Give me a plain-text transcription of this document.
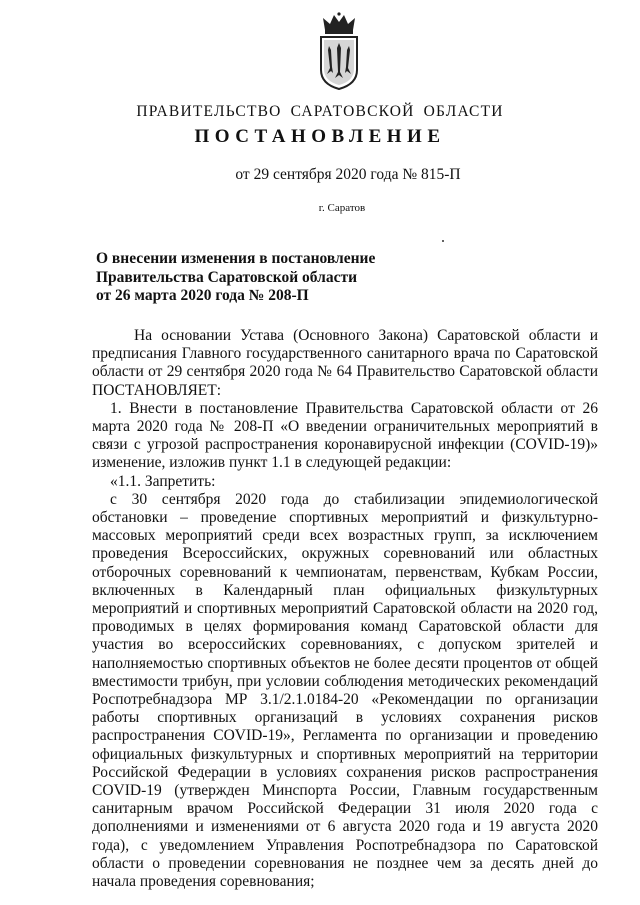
ПРАВИТЕЛЬСТВО САРАТОВСКОЙ ОБЛАСТИ
ПОСТАНОВЛЕНИЕ
от 29 сентября 2020 года № 815-П
г. Саратов
О внесении изменения в постановление
Правительства Саратовской области
от 26 марта 2020 года № 208-П

На основании Устава (Основного Закона) Саратовской области и предписания Главного государственного санитарного врача по Саратовской области от 29 сентября 2020 года № 64 Правительство Саратовской области ПОСТАНОВЛЯЕТ:

1. Внести в постановление Правительства Саратовской области от 26 марта 2020 года № 208-П «О введении ограничительных мероприятий в связи с угрозой распространения коронавирусной инфекции (COVID-19)» изменение, изложив пункт 1.1 в следующей редакции:

«1.1. Запретить:

с 30 сентября 2020 года до стабилизации эпидемиологической обстановки – проведение спортивных мероприятий и физкультурно-массовых мероприятий среди всех возрастных групп, за исключением проведения Всероссийских, окружных соревнований или областных отборочных соревнований к чемпионатам, первенствам, Кубкам России, включенных в Календарный план официальных физкультурных мероприятий и спортивных мероприятий Саратовской области на 2020 год, проводимых в целях формирования команд Саратовской области для участия во всероссийских соревнованиях, с допуском зрителей и наполняемостью спортивных объектов не более десяти процентов от общей вместимости трибун, при условии соблюдения методических рекомендаций Роспотребнадзора МР 3.1/2.1.0184-20 «Рекомендации по организации работы спортивных организаций в условиях сохранения рисков распространения COVID-19», Регламента по организации и проведению официальных физкультурных и спортивных мероприятий на территории Российской Федерации в условиях сохранения рисков распространения COVID-19 (утвержден Минспорта России, Главным государственным санитарным врачом Российской Федерации 31 июля 2020 года с дополнениями и изменениями от 6 августа 2020 года и 19 августа 2020 года), с уведомлением Управления Роспотребнадзора по Саратовской области о проведении соревнования не позднее чем за десять дней до начала проведения соревнования;
